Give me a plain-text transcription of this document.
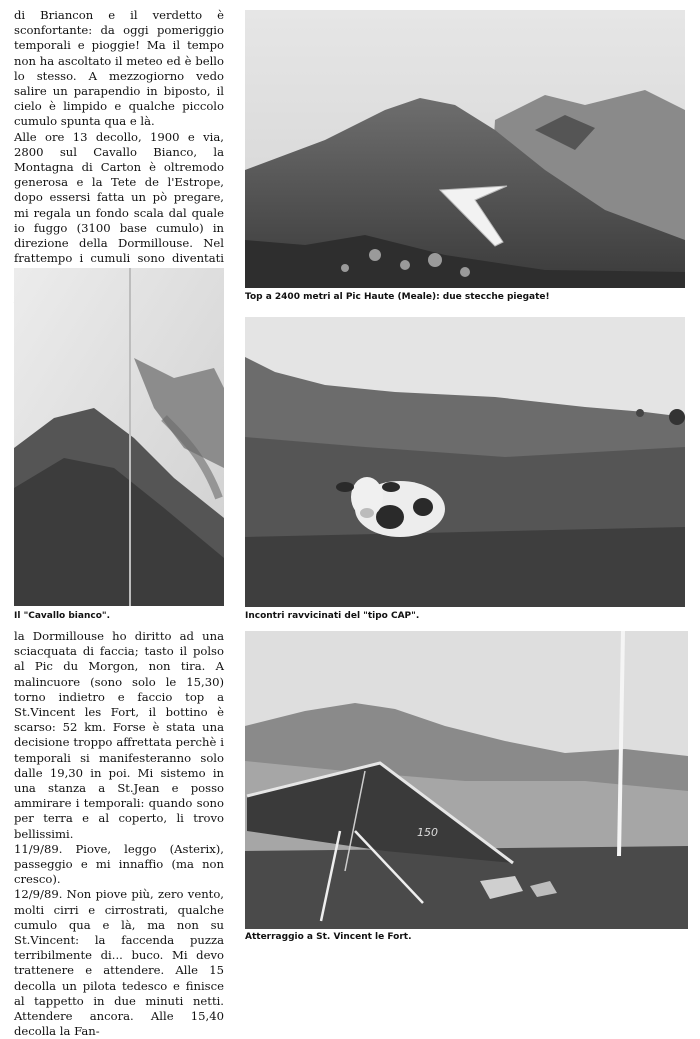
di Briancon e il verdetto è sconfortante: da oggi pomeriggio temporali e pioggie! Ma il tempo non ha ascoltato il meteo ed è bello lo stesso. A mezzogiorno vedo salire un parapendio in biposto, il cielo è limpido e qualche piccolo cumulo spunta qua e là.

Alle ore 13 decollo, 1900 e via, 2800 sul Cavallo Bianco, la Montagna di Carton è oltremodo generosa e la Tete de l'Estrope, dopo essersi fatta un pò pregare, mi regala un fondo scala dal quale io fuggo (3100 base cumulo) in direzione della Dormillouse. Nel frattempo i cumuli sono diventati

Top a 2400 metri al Pic Haute (Meale): due stecche piegate!
Il "Cavallo bianco".	Incontri ravvicinati del "tipo CAP".

la Dormillouse ho diritto ad una sciacquata di faccia; tasto il polso al Pic du Morgon, non tira. A malincuore (sono solo le 15,30) torno indietro e faccio top a St.Vincent les Fort, il bottino è scarso: 52 km. Forse è stata una decisione troppo affrettata perchè i temporali si manifesteranno solo dalle 19,30 in poi. Mi sistemo in una stanza a St.Jean e posso ammirare i temporali: quando sono per terra e al coperto, li trovo bellissimi.

11/9/89. Piove, leggo (Asterix), passeggio e mi innaffio (ma non cresco).

12/9/89. Non piove più, zero vento, molti cirri e cirrostrati, qualche cumulo qua e là, ma non su St.Vincent: la faccenda puzza terribilmente di... buco. Mi devo trattenere e attendere. Alle 15 decolla un pilota tedesco e finisce al tappetto in due minuti netti. Attendere ancora. Alle 15,40 decolla la Fan-

150
Atterraggio a St. Vincent le Fort.
